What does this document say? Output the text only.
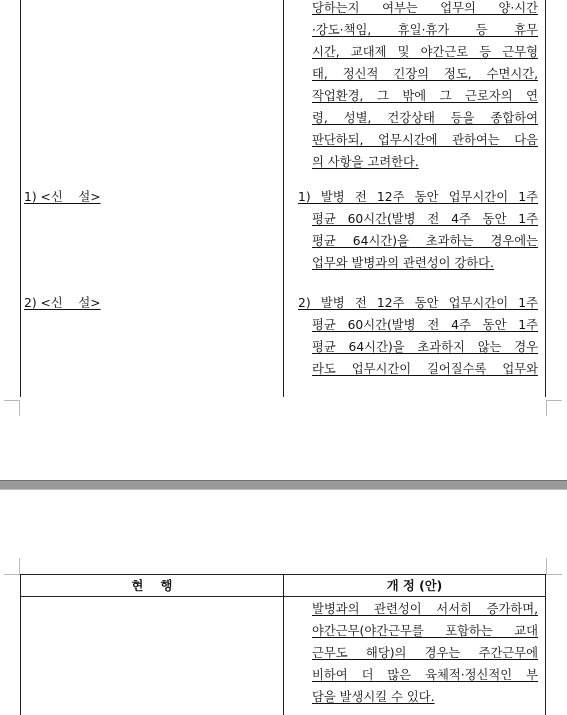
당하는지 여부는 업무의 양·시간
·강도·책임, 휴일·휴가 등 휴무
시간, 교대제 및 야간근로 등 근무형
태, 정신적 긴장의 정도, 수면시간,
작업환경, 그 밖에 그 근로자의 연
령, 성별, 건강상태 등을 종합하여
판단하되, 업무시간에 관하여는 다음
의 사항을 고려한다.
1) <신    설>	1) 발병 전 12주 동안 업무시간이 1주
평균 60시간(발병 전 4주 동안 1주
평균 64시간)을 초과하는 경우에는
업무와 발병과의 관련성이 강하다.
2) <신    설>	2) 발병 전 12주 동안 업무시간이 1주
평균 60시간(발병 전 4주 동안 1주
평균 64시간)을 초과하지 않는 경우
라도 업무시간이 길어질수록 업무와
현    행	개 정 (안)
발병과의 관련성이 서서히 증가하며,
야간근무(야간근무를 포함하는 교대
근무도 해당)의 경우는 주간근무에
비하여 더 많은 육체적·정신적인 부
담을 발생시킬 수 있다.
